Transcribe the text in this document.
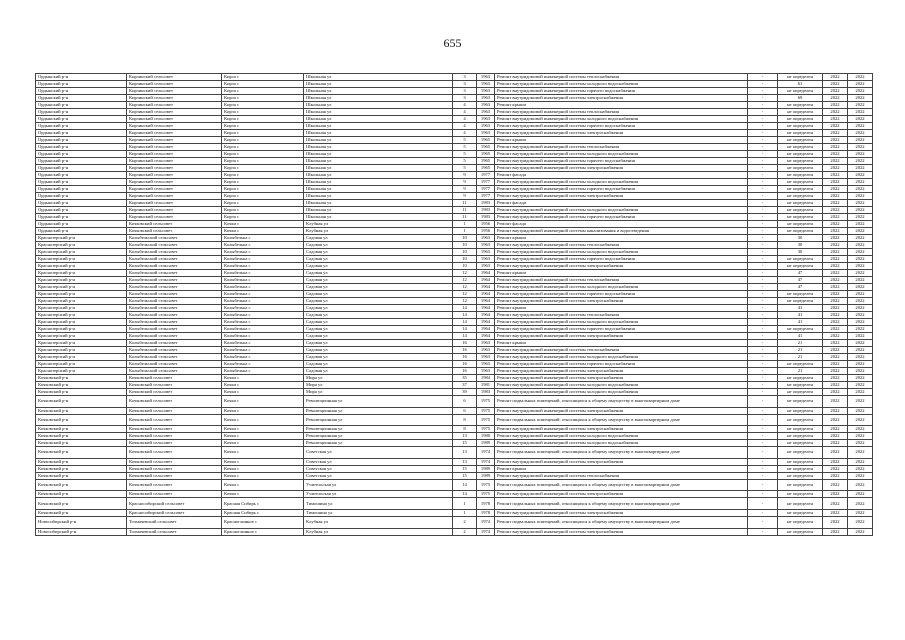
655
Ордынский р-н	Кирзинский сельсовет	Кирза с	Школьная ул	3	1963	Ремонт внутридомовой инженерной системы теплоснабжения	-	не определен	2022	2022
Ордынский р-н	Кирзинский сельсовет	Кирза с	Школьная ул	3	1963	Ремонт внутридомовой инженерной системы холодного водоснабжения	-	61	2022	2022
Ордынский р-н	Кирзинский сельсовет	Кирза с	Школьная ул	3	1963	Ремонт внутридомовой инженерной системы горячего водоснабжения	-	не определен	2022	2022
Ордынский р-н	Кирзинский сельсовет	Кирза с	Школьная ул	3	1963	Ремонт внутридомовой инженерной системы электроснабжения	-	69	2022	2022
Ордынский р-н	Кирзинский сельсовет	Кирза с	Школьная ул	4	1963	Ремонт крыши	-	не определен	2022	2022
Ордынский р-н	Кирзинский сельсовет	Кирза с	Школьная ул	4	1963	Ремонт внутридомовой инженерной системы теплоснабжения	-	не определен	2022	2022
Ордынский р-н	Кирзинский сельсовет	Кирза с	Школьная ул	4	1963	Ремонт внутридомовой инженерной системы холодного водоснабжения	-	не определен	2022	2022
Ордынский р-н	Кирзинский сельсовет	Кирза с	Школьная ул	4	1963	Ремонт внутридомовой инженерной системы горячего водоснабжения	-	не определен	2022	2022
Ордынский р-н	Кирзинский сельсовет	Кирза с	Школьная ул	4	1963	Ремонт внутридомовой инженерной системы электроснабжения	-	не определен	2022	2022
Ордынский р-н	Кирзинский сельсовет	Кирза с	Школьная ул	5	1965	Ремонт крыши	-	не определен	2022	2022
Ордынский р-н	Кирзинский сельсовет	Кирза с	Школьная ул	5	1965	Ремонт внутридомовой инженерной системы теплоснабжения	-	не определен	2022	2022
Ордынский р-н	Кирзинский сельсовет	Кирза с	Школьная ул	5	1965	Ремонт внутридомовой инженерной системы холодного водоснабжения	-	не определен	2022	2022
Ордынский р-н	Кирзинский сельсовет	Кирза с	Школьная ул	5	1965	Ремонт внутридомовой инженерной системы горячего водоснабжения	-	не определен	2022	2022
Ордынский р-н	Кирзинский сельсовет	Кирза с	Школьная ул	5	1965	Ремонт внутридомовой инженерной системы электроснабжения	-	не определен	2022	2022
Ордынский р-н	Кирзинский сельсовет	Кирза с	Школьная ул	9	1977	Ремонт фасада	-	не определен	2022	2022
Ордынский р-н	Кирзинский сельсовет	Кирза с	Школьная ул	9	1977	Ремонт внутридомовой инженерной системы холодного водоснабжения	-	не определен	2022	2022
Ордынский р-н	Кирзинский сельсовет	Кирза с	Школьная ул	9	1977	Ремонт внутридомовой инженерной системы горячего водоснабжения	-	не определен	2022	2022
Ордынский р-н	Кирзинский сельсовет	Кирза с	Школьная ул	9	1977	Ремонт внутридомовой инженерной системы электроснабжения	-	не определен	2022	2022
Ордынский р-н	Кирзинский сельсовет	Кирза с	Школьная ул	11	1983	Ремонт фасада	-	не определен	2022	2022
Ордынский р-н	Кирзинский сельсовет	Кирза с	Школьная ул	11	1983	Ремонт внутридомовой инженерной системы холодного водоснабжения	-	не определен	2022	2022
Ордынский р-н	Кирзинский сельсовет	Кирза с	Школьная ул	11	1983	Ремонт внутридомовой инженерной системы горячего водоснабжения	-	не определен	2022	2022
Ордынский р-н	Кочковский сельсовет	Кочки с	Клубная ул	1	1956	Ремонт фасада	-	не определен	2022	2022
Ордынский р-н	Кочковский сельсовет	Кочки с	Клубная ул	1	1956	Ремонт внутридомовой инженерной системы канализования и водоотведения	-	не определен	2022	2022
Краснозерский р-н	Колыбельский сельсовет	Колыбелька с	Садовая ул	10	1963	Ремонт крыши	-	30	2022	2022
Краснозерский р-н	Колыбельский сельсовет	Колыбелька с	Садовая ул	10	1963	Ремонт внутридомовой инженерной системы теплоснабжения	-	30	2022	2022
Краснозерский р-н	Колыбельский сельсовет	Колыбелька с	Садовая ул	10	1963	Ремонт внутридомовой инженерной системы холодного водоснабжения	-	30	2022	2022
Краснозерский р-н	Колыбельский сельсовет	Колыбелька с	Садовая ул	10	1963	Ремонт внутридомовой инженерной системы горячего водоснабжения	-	не определен	2022	2022
Краснозерский р-н	Колыбельский сельсовет	Колыбелька с	Садовая ул	10	1963	Ремонт внутридомовой инженерной системы электроснабжения	-	не определен	2022	2022
Краснозерский р-н	Колыбельский сельсовет	Колыбелька с	Садовая ул	12	1964	Ремонт крыши	-	47	2022	2022
Краснозерский р-н	Колыбельский сельсовет	Колыбелька с	Садовая ул	12	1964	Ремонт внутридомовой инженерной системы теплоснабжения	-	47	2022	2022
Краснозерский р-н	Колыбельский сельсовет	Колыбелька с	Садовая ул	12	1964	Ремонт внутридомовой инженерной системы холодного водоснабжения	-	47	2022	2022
Краснозерский р-н	Колыбельский сельсовет	Колыбелька с	Садовая ул	12	1964	Ремонт внутридомовой инженерной системы горячего водоснабжения	-	не определен	2022	2022
Краснозерский р-н	Колыбельский сельсовет	Колыбелька с	Садовая ул	12	1964	Ремонт внутридомовой инженерной системы электроснабжения	-	не определен	2022	2022
Краснозерский р-н	Колыбельский сельсовет	Колыбелька с	Садовая ул	14	1964	Ремонт крыши	-	41	2022	2022
Краснозерский р-н	Колыбельский сельсовет	Колыбелька с	Садовая ул	14	1964	Ремонт внутридомовой инженерной системы теплоснабжения	-	41	2022	2022
Краснозерский р-н	Колыбельский сельсовет	Колыбелька с	Садовая ул	14	1964	Ремонт внутридомовой инженерной системы холодного водоснабжения	-	41	2022	2022
Краснозерский р-н	Колыбельский сельсовет	Колыбелька с	Садовая ул	14	1964	Ремонт внутридомовой инженерной системы горячего водоснабжения	-	не определен	2022	2022
Краснозерский р-н	Колыбельский сельсовет	Колыбелька с	Садовая ул	14	1964	Ремонт внутридомовой инженерной системы электроснабжения	-	41	2022	2022
Краснозерский р-н	Колыбельский сельсовет	Колыбелька с	Садовая ул	16	1963	Ремонт крыши	-	21	2022	2022
Краснозерский р-н	Колыбельский сельсовет	Колыбелька с	Садовая ул	16	1963	Ремонт внутридомовой инженерной системы теплоснабжения	-	21	2022	2022
Краснозерский р-н	Колыбельский сельсовет	Колыбелька с	Садовая ул	16	1963	Ремонт внутридомовой инженерной системы холодного водоснабжения	-	21	2022	2022
Краснозерский р-н	Колыбельский сельсовет	Колыбелька с	Садовая ул	16	1963	Ремонт внутридомовой инженерной системы горячего водоснабжения	-	не определен	2022	2022
Краснозерский р-н	Колыбельский сельсовет	Колыбелька с	Садовая ул	16	1963	Ремонт внутридомовой инженерной системы электроснабжения	-	21	2022	2022
Кочковский р-н	Кочковский сельсовет	Кочки с	Мира ул	35	1984	Ремонт внутридомовой инженерной системы электроснабжения	-	не определен	2022	2022
Кочковский р-н	Кочковский сельсовет	Кочки с	Мира ул	37	1981	Ремонт внутридомовой инженерной системы холодного водоснабжения	-	не определен	2022	2022
Кочковский р-н	Кочковский сельсовет	Кочки с	Мира ул	39	1983	Ремонт внутридомовой инженерной системы холодного водоснабжения	-	не определен	2022	2022
Кочковский р-н	Кочковский сельсовет	Кочки с	Революционная ул	6	1975	Ремонт подвальных помещений, относящихся к общему имуществу в многоквартирном доме	-	не определен	2022	2022
Кочковский р-н	Кочковский сельсовет	Кочки с	Революционная ул	6	1975	Ремонт внутридомовой инженерной системы электроснабжения	-	не определен	2022	2022
Кочковский р-н	Кочковский сельсовет	Кочки с	Революционная ул	8	1975	Ремонт подвальных помещений, относящихся к общему имуществу в многоквартирном доме	-	не определен	2022	2022
Кочковский р-н	Кочковский сельсовет	Кочки с	Революционная ул	8	1975	Ремонт внутридомовой инженерной системы электроснабжения	-	не определен	2022	2022
Кочковский р-н	Кочковский сельсовет	Кочки с	Революционная ул	13	1980	Ремонт внутридомовой инженерной системы холодного водоснабжения	-	не определен	2022	2022
Кочковский р-н	Кочковский сельсовет	Кочки с	Революционная ул	15	1989	Ремонт внутридомовой инженерной системы холодного водоснабжения	-	не определен	2022	2022
Кочковский р-н	Кочковский сельсовет	Кочки с	Советская ул	13	1974	Ремонт подвальных помещений, относящихся к общему имуществу в многоквартирном доме	-	не определен	2022	2022
Кочковский р-н	Кочковский сельсовет	Кочки с	Советская ул	13	1974	Ремонт внутридомовой инженерной системы электроснабжения	-	не определен	2022	2022
Кочковский р-н	Кочковский сельсовет	Кочки с	Советская ул	15	1989	Ремонт крыши	-	не определен	2022	2022
Кочковский р-н	Кочковский сельсовет	Кочки с	Советская ул	15	1989	Ремонт внутридомовой инженерной системы теплоснабжения	-	не определен	2022	2022
Кочковский р-н	Кочковский сельсовет	Кочки с	Учительская ул	14	1975	Ремонт подвальных помещений, относящихся к общему имуществу в многоквартирном доме	-	не определен	2022	2022
Кочковский р-н	Кочковский сельсовет	Кочки с	Учительская ул	14	1975	Ремонт внутридомовой инженерной системы электроснабжения	-	не определен	2022	2022
Кочковский р-н	Красносибирский сельсовет	Красная Сибирь с	Тимошина ул	1	1978	Ремонт подвальных помещений, относящихся к общему имуществу в многоквартирном доме	-	не определен	2022	2022
Кочковский р-н	Красносибирский сельсовет	Красная Сибирь с	Тимошина ул	1	1978	Ремонт внутридомовой инженерной системы электроснабжения	-	не определен	2022	2022
Новосибирский р-н	Толмачевский сельсовет	Красноглинное с	Клубная ул	2	1974	Ремонт подвальных помещений, относящихся к общему имуществу в многоквартирном доме	-	не определен	2022	2022
Новосибирский р-н	Толмачевский сельсовет	Красноглинное с	Клубная ул	2	1974	Ремонт внутридомовой инженерной системы электроснабжения	-	не определен	2022	2022
